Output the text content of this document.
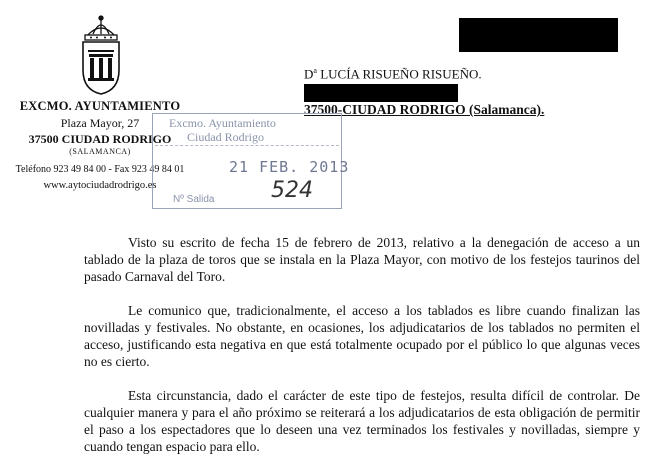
EXCMO. AYUNTAMIENTO

Plaza Mayor, 27

37500 CIUDAD RODRIGO

(SALAMANCA)

Teléfono 923 49 84 00 - Fax 923 49 84 01

www.aytociudadrodrigo.es

$D^a$ LUCÍA RISUEÑO RISUEÑO.
37500-CIUDAD RODRIGO (Salamanca).
Excmo. Ayuntamiento
Ciudad Rodrigo
21 FEB. 2013
524
Nº Salida

Visto su escrito de fecha 15 de febrero de 2013, relativo a la denegación de acceso a un tablado de la plaza de toros que se instala en la Plaza Mayor, con motivo de los festejos taurinos del pasado Carnaval del Toro.

Le comunico que, tradicionalmente, el acceso a los tablados es libre cuando finalizan las novilladas y festivales. No obstante, en ocasiones, los adjudicatarios de los tablados no permiten el acceso, justificando esta negativa en que está totalmente ocupado por el público lo que algunas veces no es cierto.

Esta circunstancia, dado el carácter de este tipo de festejos, resulta difícil de controlar. De cualquier manera y para el año próximo se reiterará a los adjudicatarios de esta obligación de permitir el paso a los espectadores que lo deseen una vez terminados los festivales y novilladas, siempre y cuando tengan espacio para ello.
